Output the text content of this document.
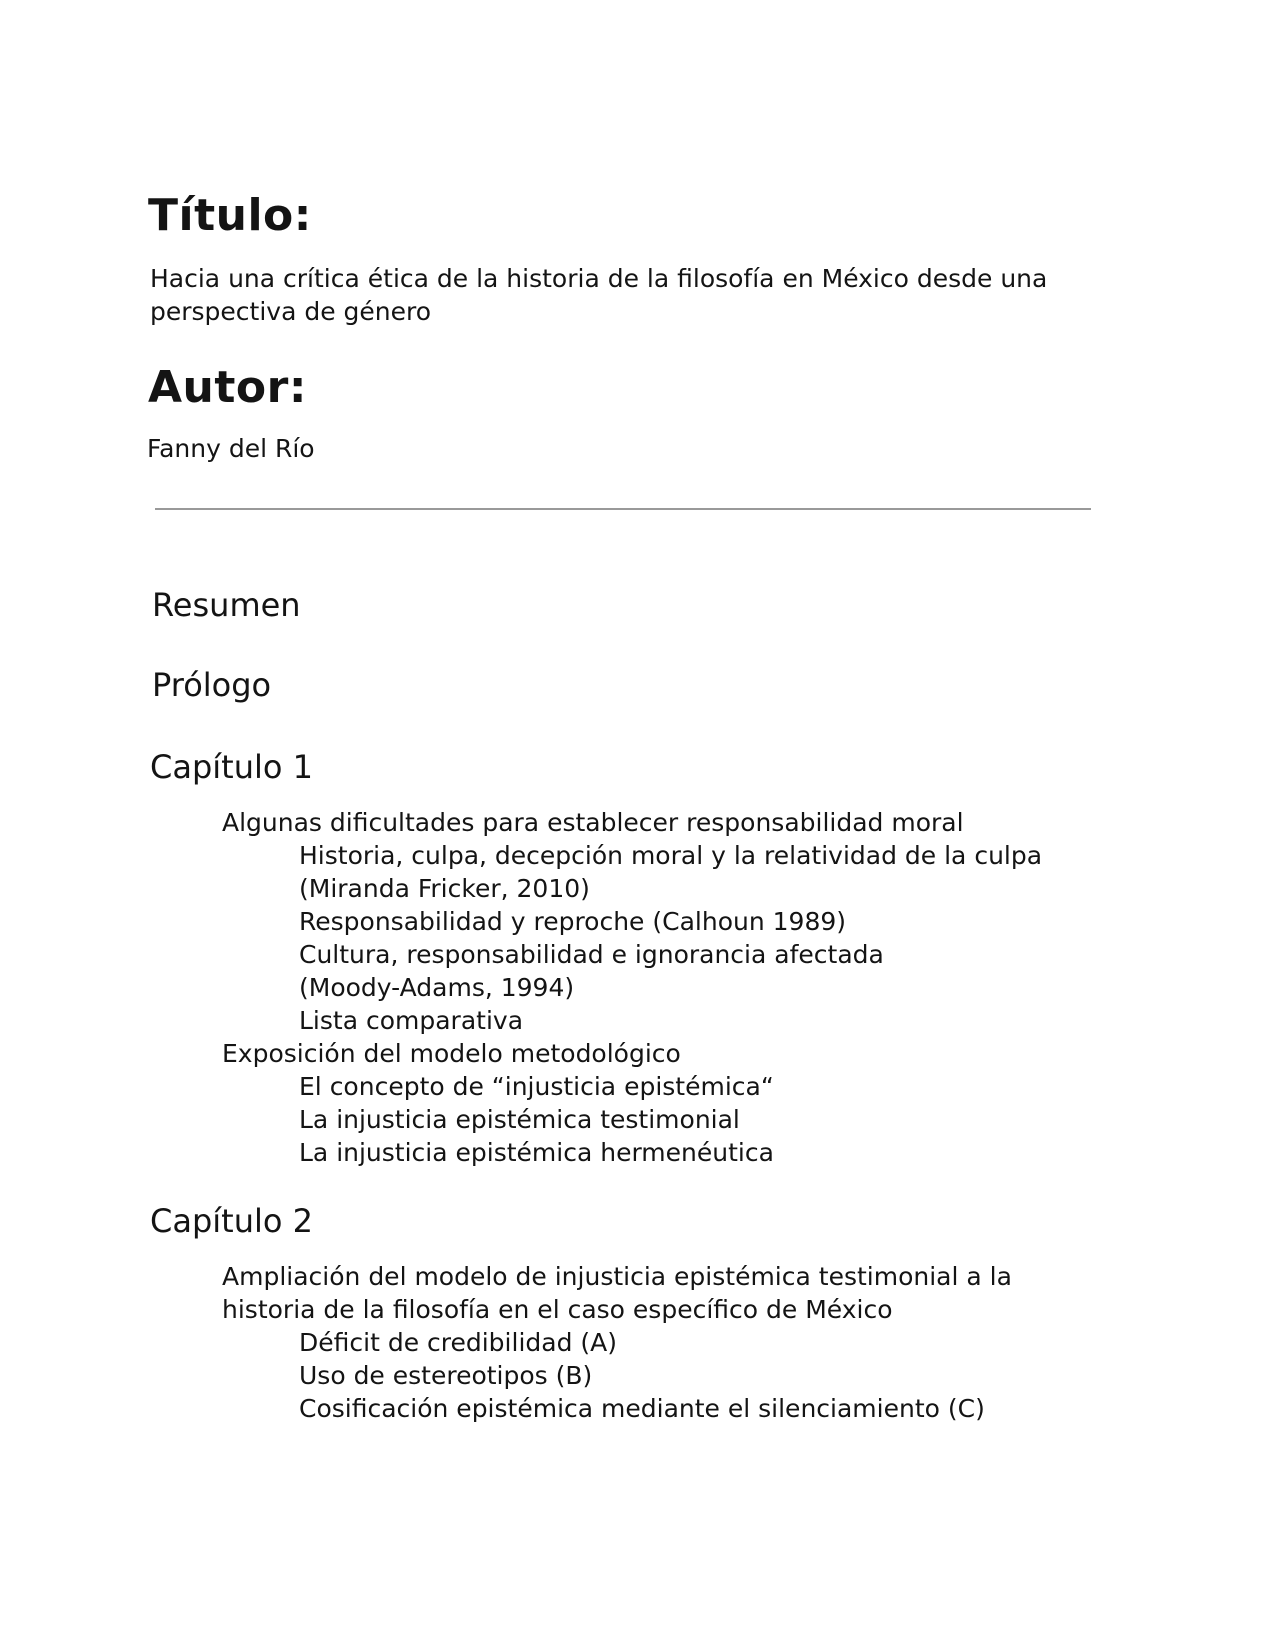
Título:

Hacia una crítica ética de la historia de la filosofía en México desde una perspectiva de género

Autor:

Fanny del Río

Resumen
Prólogo
Capítulo 1
Algunas dificultades para establecer responsabilidad moral
Historia, culpa, decepción moral y la relatividad de la culpa
(Miranda Fricker, 2010)
Responsabilidad y reproche (Calhoun 1989)
Cultura, responsabilidad e ignorancia afectada
(Moody-Adams, 1994)
Lista comparativa
Exposición del modelo metodológico
El concepto de “injusticia epistémica“
La injusticia epistémica testimonial
La injusticia epistémica hermenéutica
Capítulo 2
Ampliación del modelo de injusticia epistémica testimonial a la
historia de la filosofía en el caso específico de México
Déficit de credibilidad (A)
Uso de estereotipos (B)
Cosificación epistémica mediante el silenciamiento (C)
